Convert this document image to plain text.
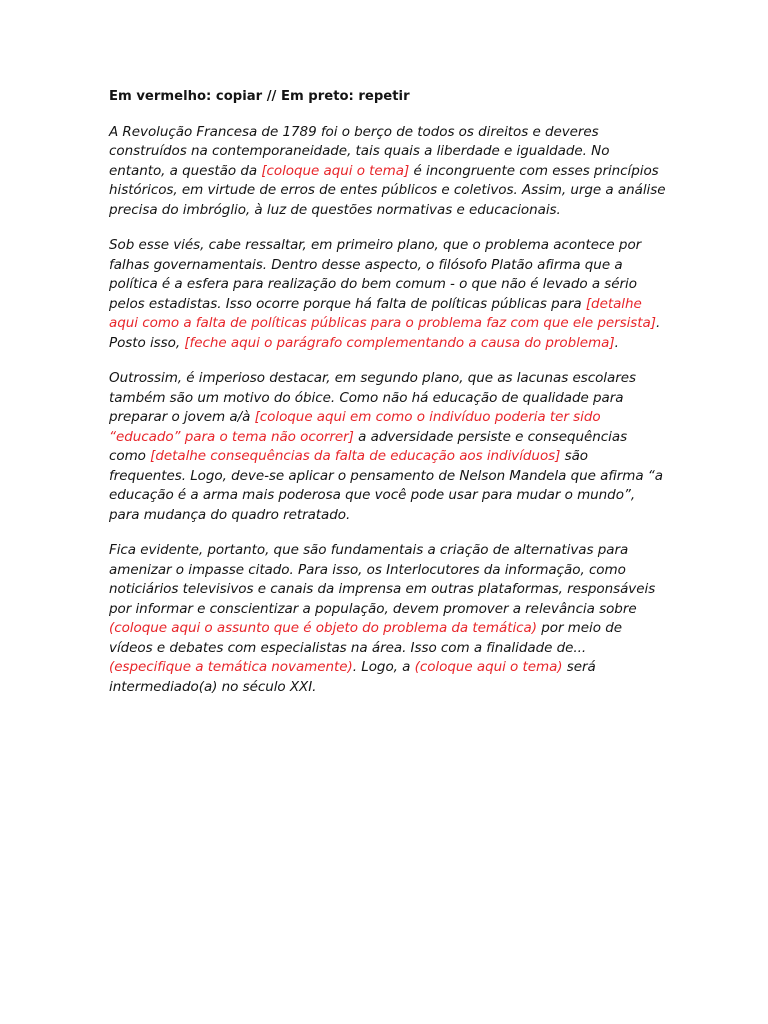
Em vermelho: copiar // Em preto: repetir

A Revolução Francesa de 1789 foi o berço de todos os direitos e deveres construídos na contemporaneidade, tais quais a liberdade e igualdade. No entanto, a questão da [coloque aqui o tema] é incongruente com esses princípios históricos, em virtude de erros de entes públicos e coletivos. Assim, urge a análise precisa do imbróglio, à luz de questões normativas e educacionais.

Sob esse viés, cabe ressaltar, em primeiro plano, que o problema acontece por falhas governamentais. Dentro desse aspecto, o filósofo Platão afirma que a política é a esfera para realização do bem comum - o que não é levado a sério pelos estadistas. Isso ocorre porque há falta de políticas públicas para [detalhe aqui como a falta de políticas públicas para o problema faz com que ele persista]. Posto isso, [feche aqui o parágrafo complementando a causa do problema].

Outrossim, é imperioso destacar, em segundo plano, que as lacunas escolares também são um motivo do óbice. Como não há educação de qualidade para preparar o jovem a/à [coloque aqui em como o indivíduo poderia ter sido “educado” para o tema não ocorrer] a adversidade persiste e consequências como [detalhe consequências da falta de educação aos indivíduos] são frequentes. Logo, deve-se aplicar o pensamento de Nelson Mandela que afirma “a educação é a arma mais poderosa que você pode usar para mudar o mundo”, para mudança do quadro retratado.

Fica evidente, portanto, que são fundamentais a criação de alternativas para amenizar o impasse citado. Para isso, os Interlocutores da informação, como noticiários televisivos e canais da imprensa em outras plataformas, responsáveis por informar e conscientizar a população, devem promover a relevância sobre (coloque aqui o assunto que é objeto do problema da temática) por meio de vídeos e debates com especialistas na área. Isso com a finalidade de... (especifique a temática novamente). Logo, a (coloque aqui o tema) será intermediado(a) no século XXI.
